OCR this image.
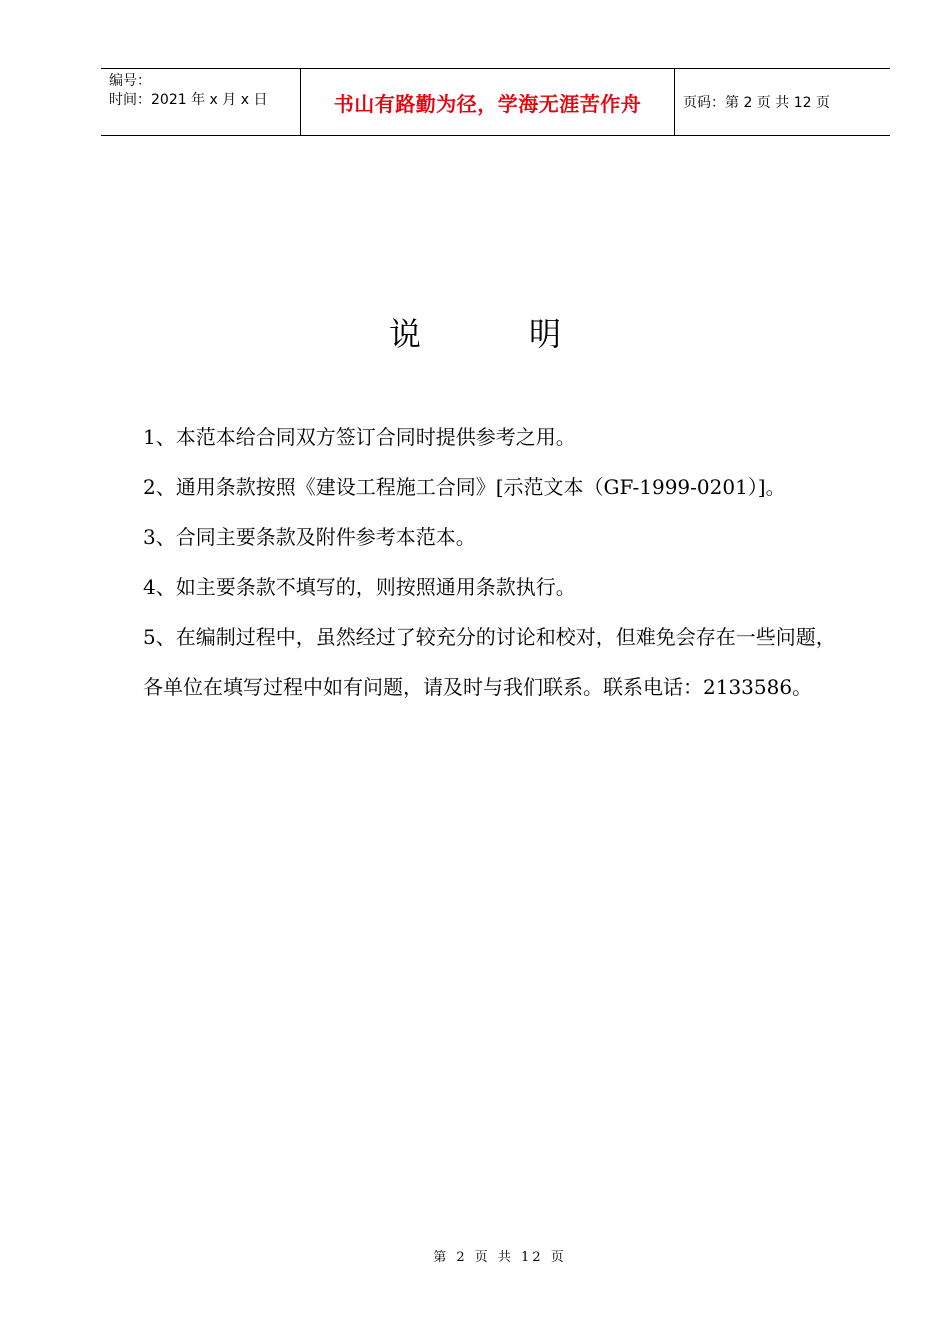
编号：
时间：2021 年 x 月 x 日	书山有路勤为径，学海无涯苦作舟	页码：第 2 页 共 12 页
说	明

1、本范本给合同双方签订合同时提供参考之用。

2、通用条款按照《建设工程施工合同》[示范文本（GF-1999-0201）]。

3、合同主要条款及附件参考本范本。

4、如主要条款不填写的，则按照通用条款执行。

5、在编制过程中，虽然经过了较充分的讨论和校对，但难免会存在一些问题，各单位在填写过程中如有问题，请及时与我们联系。联系电话：2133586。

第 2 页 共 12 页
